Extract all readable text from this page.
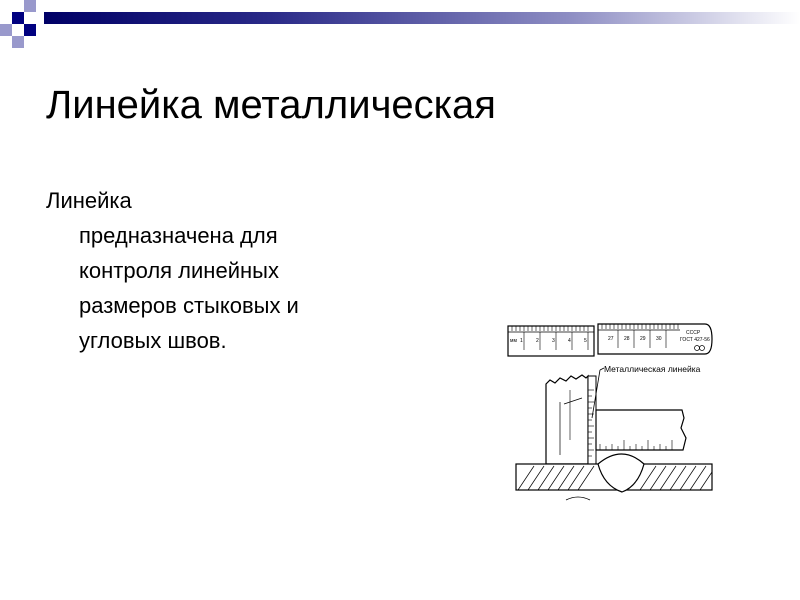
Линейка металлическая
Линейка
предназначена для контроля линейных размеров стыковых и угловых швов.	мм 1	2	3	4	5	27 28 29 30
СССР
ГОСТ 427-56
Металлическая линейка
